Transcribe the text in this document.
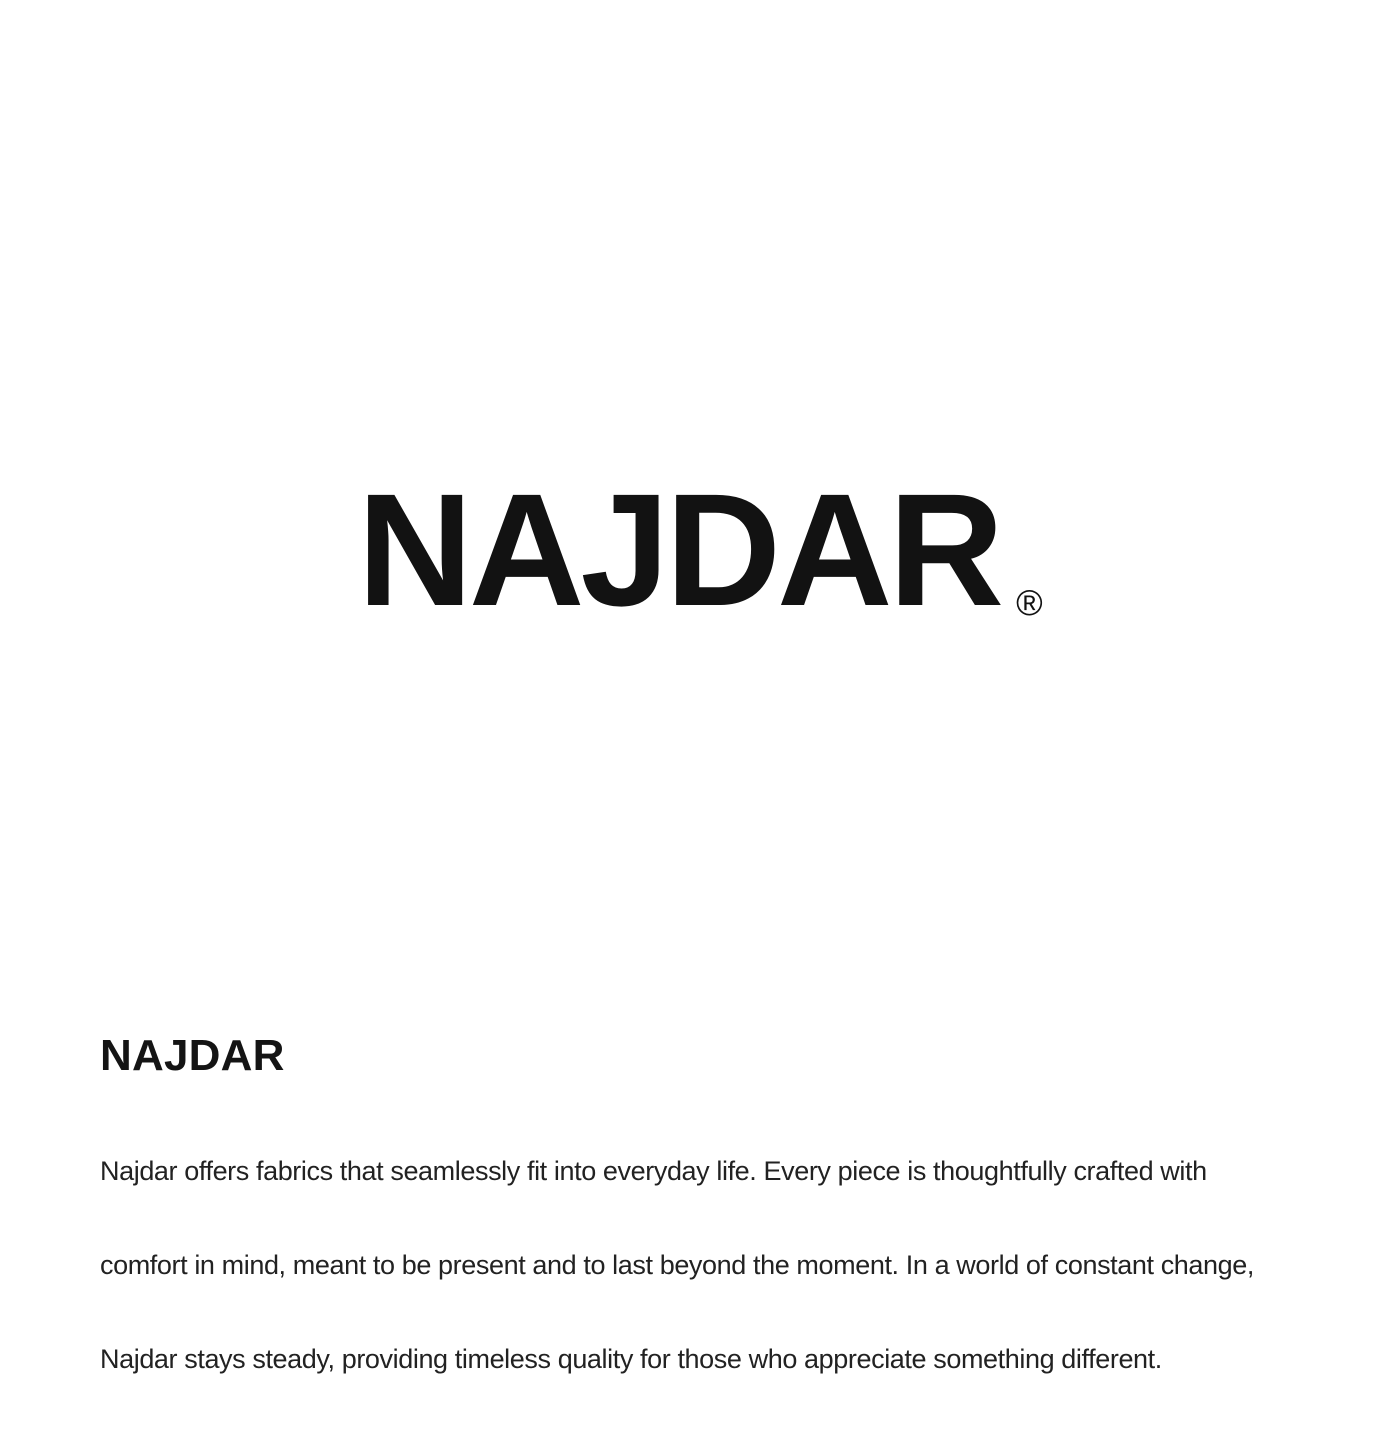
NAJDAR ®
NAJDAR

Najdar offers fabrics that seamlessly fit into everyday life. Every piece is thoughtfully crafted with

comfort in mind, meant to be present and to last beyond the moment. In a world of constant change,

Najdar stays steady, providing timeless quality for those who appreciate something different.
